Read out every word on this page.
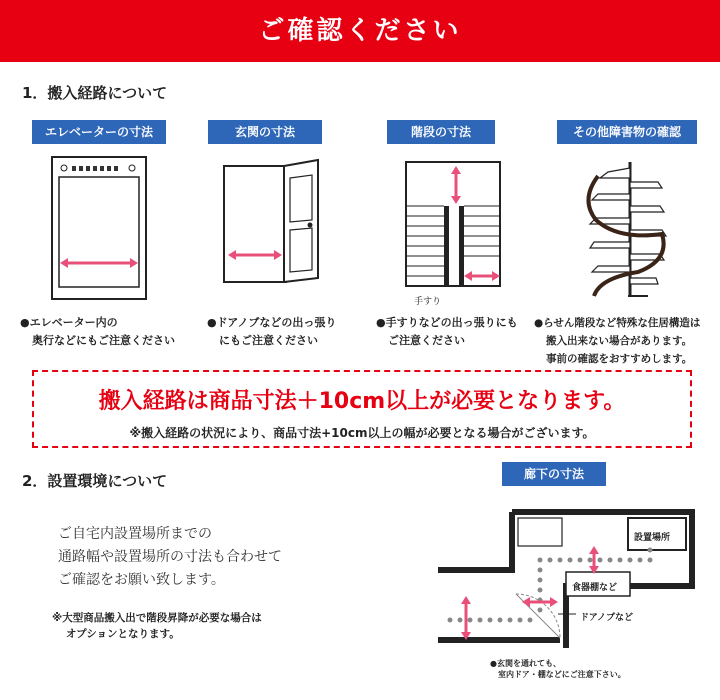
ご確認ください
1．搬入経路について
エレベーターの寸法	玄関の寸法	階段の寸法	その他障害物の確認
手すり
●エレベーター内の
奥行などにもご注意ください
●ドアノブなどの出っ張り
にもご注意ください
●手すりなどの出っ張りにも
ご注意ください
●らせん階段など特殊な住居構造は
搬入出来ない場合があります。
事前の確認をおすすめします。
搬入経路は商品寸法＋10cm以上が必要となります。
※搬入経路の状況により、商品寸法+10cm以上の幅が必要となる場合がございます。
2．設置環境について
ご自宅内設置場所までの
通路幅や設置場所の寸法も合わせて
ご確認をお願い致します。
※大型商品搬入出で階段昇降が必要な場合は
オプションとなります。
廊下の寸法
設置場所
食器棚など
ドアノブなど
●玄関を通れても、
室内ドア・棚などにご注意下さい。
